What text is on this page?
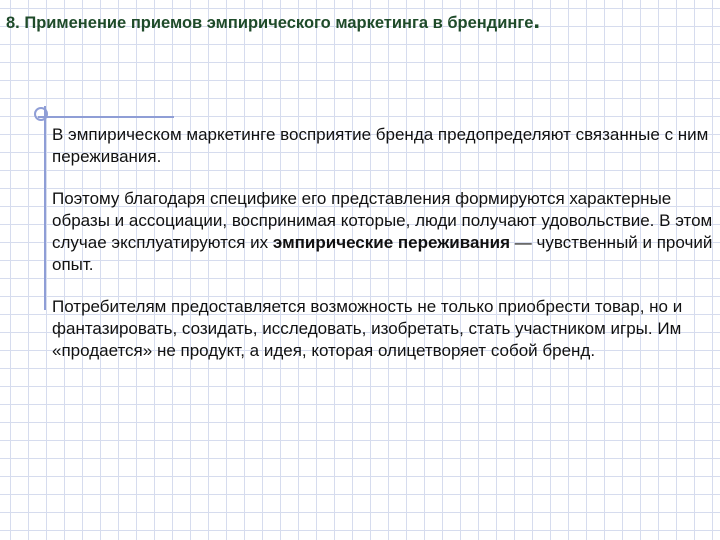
8. Применение приемов эмпирического маркетинга в брендинге.

В эмпирическом маркетинге восприятие бренда предопределяют связанные с ним переживания.

Поэтому благодаря специфике его представления формируются характерные образы и ассоциации, воспринимая которые, люди получают удовольствие. В этом случае эксплуатируются их эмпирические переживания — чувственный и прочий опыт.

Потребителям предоставляется возможность не только приобрести товар, но и фантазировать, созидать, исследовать, изобретать, стать участником игры. Им «продается» не продукт, а идея, которая олицетворяет собой бренд.
